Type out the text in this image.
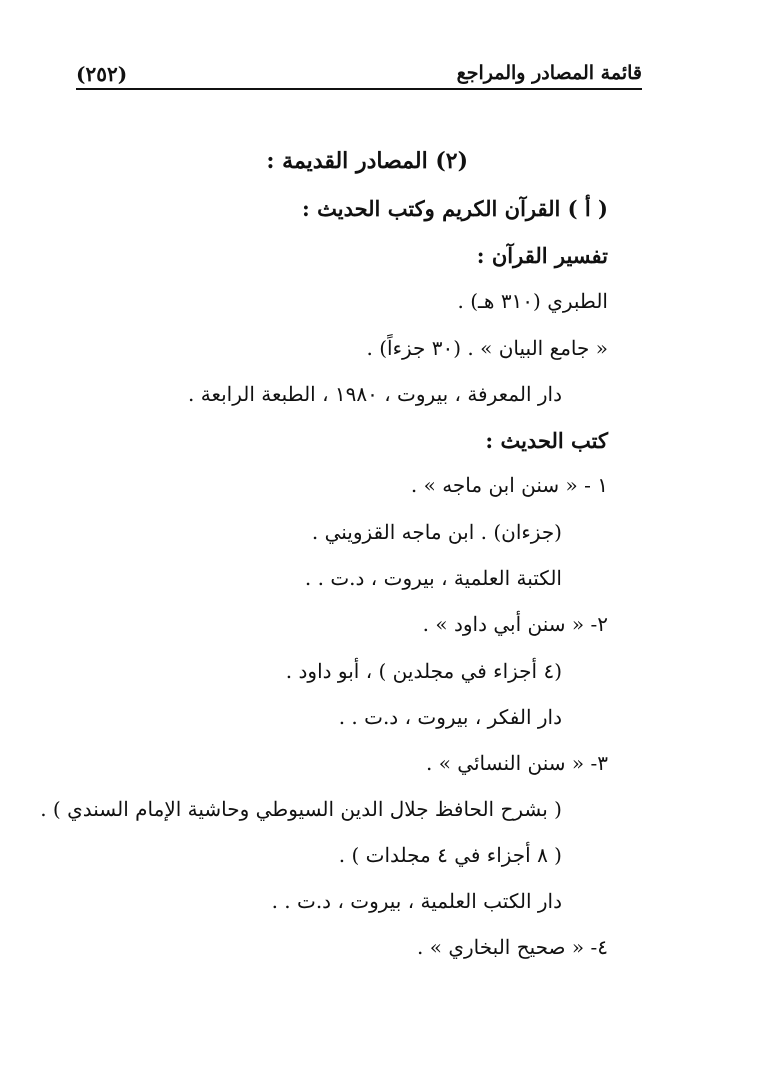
(٢٥٢)	قائمة المصادر والمراجع
(٢) المصادر القديمة :
( أ ) القرآن الكريم وكتب الحديث :
تفسير القرآن :
الطبري (٣١٠ هـ) .
« جامع البيان » . (٣٠ جزءاً) .
دار المعرفة ، بيروت ، ١٩٨٠ ، الطبعة الرابعة .
كتب الحديث :
١ - « سنن ابن ماجه » .
(جزءان) . ابن ماجه القزويني .
الكتبة العلمية ، بيروت ، د.ت . .
٢- « سنن أبي داود » .
(٤ أجزاء في مجلدين ) ، أبو داود .
دار الفكر ، بيروت ، د.ت . .
٣- « سنن النسائي » .
( بشرح الحافظ جلال الدين السيوطي وحاشية الإمام السندي ) .
( ٨ أجزاء في ٤ مجلدات ) .
دار الكتب العلمية ، بيروت ، د.ت . .
٤- « صحيح البخاري » .
